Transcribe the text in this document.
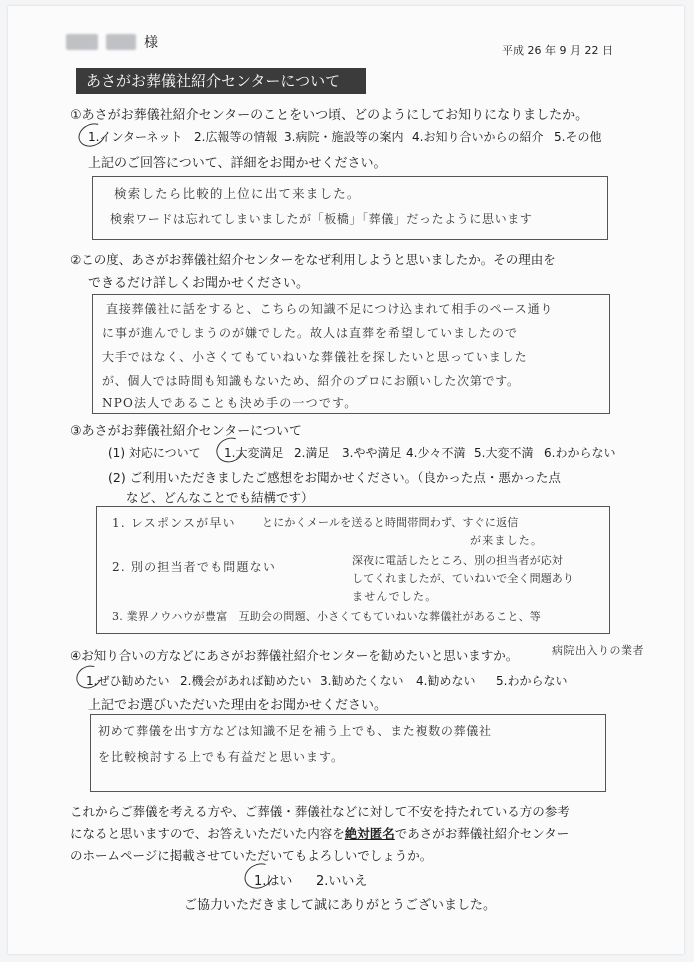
様	平成 26 年 9 月 22 日
あさがお葬儀社紹介センターについて
①あさがお葬儀社紹介センターのことをいつ頃、どのようにしてお知りになりましたか。
1.インターネット 2.広報等の情報 3.病院・施設等の案内 4.お知り合いからの紹介 5.その他
上記のご回答について、詳細をお聞かせください。
検索したら比較的上位に出て来ました。
検索ワードは忘れてしまいましたが「板橋」「葬儀」だったように思います
②この度、あさがお葬儀社紹介センターをなぜ利用しようと思いましたか。その理由を
できるだけ詳しくお聞かせください。
直接葬儀社に話をすると、こちらの知識不足につけ込まれて相手のペース通り
に事が進んでしまうのが嫌でした。故人は直葬を希望していましたので
大手ではなく、小さくてもていねいな葬儀社を探したいと思っていました
が、個人では時間も知識もないため、紹介のプロにお願いした次第です。
NPO法人であることも決め手の一つです。
③あさがお葬儀社紹介センターについて
(1) 対応について 1.大変満足 2.満足 3.やや満足 4.少々不満 5.大変不満 6.わからない
(2) ご利用いただきましたご感想をお聞かせください。（良かった点・悪かった点
など、どんなことでも結構です）
1. レスポンスが早い とにかくメールを送ると時間帯問わず、すぐに返信
が来ました。
2. 別の担当者でも問題ない	深夜に電話したところ、別の担当者が応対
してくれましたが、ていねいで全く問題あり
ませんでした。
3. 業界ノウハウが豊富　互助会の問題、小さくてもていねいな葬儀社があること、等
④お知り合いの方などにあさがお葬儀社紹介センターを勧めたいと思いますか。	病院出入りの業者
1.ぜひ勧めたい 2.機会があれば勧めたい 3.勧めたくない 4.勧めない 5.わからない
上記でお選びいただいた理由をお聞かせください。
初めて葬儀を出す方などは知識不足を補う上でも、また複数の葬儀社
を比較検討する上でも有益だと思います。
これからご葬儀を考える方や、ご葬儀・葬儀社などに対して不安を持たれている方の参考
になると思いますので、お答えいただいた内容を絶対匿名であさがお葬儀社紹介センター
のホームページに掲載させていただいてもよろしいでしょうか。
1.はい 2.いいえ
ご協力いただきまして誠にありがとうございました。
